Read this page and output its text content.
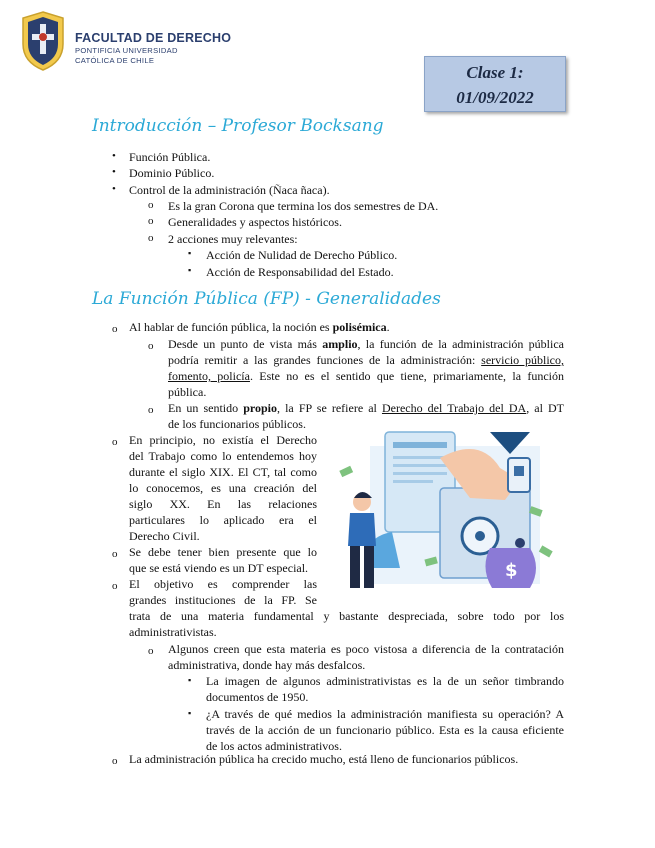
FACULTAD DE DERECHO
PONTIFICIA UNIVERSIDAD
CATÓLICA DE CHILE
Clase 1:
01/09/2022
Introducción – Profesor Bocksang
• Función Pública.
• Dominio Público.
• Control de la administración (Ñaca ñaca).
o Es la gran Corona que termina los dos semestres de DA.
o Generalidades y aspectos históricos.
o 2 acciones muy relevantes:
▪ Acción de Nulidad de Derecho Público.
▪ Acción de Responsabilidad del Estado.
La Función Pública (FP) - Generalidades
o Al hablar de función pública, la noción es polisémica.
o Desde un punto de vista más amplio, la función de la administración pública
podría remitir a las grandes funciones de la administración: servicio público,
fomento, policía. Este no es el sentido que tiene, primariamente, la función
pública.
o En un sentido propio, la FP se refiere al Derecho del Trabajo del DA, al DT
de los funcionarios públicos.
o En principio, no existía el Derecho
del Trabajo como lo entendemos hoy
durante el siglo XIX. El CT, tal como
lo conocemos, es una creación del
siglo XX. En las relaciones
particulares lo aplicado era el
Derecho Civil.
o Se debe tener bien presente que lo
que se está viendo es un DT especial.
o El objetivo es comprender las
grandes instituciones de la FP. Se
trata de una materia fundamental y bastante despreciada, sobre todo por los
administrativistas.
$
o Algunos creen que esta materia es poco vistosa a diferencia de la contratación
administrativa, donde hay más desfalcos.
▪ La imagen de algunos administrativistas es la de un señor timbrando
documentos de 1950.
▪ ¿A través de qué medios la administración manifiesta su operación? A
través de la acción de un funcionario público. Esta es la causa eficiente
de los actos administrativos.
o La administración pública ha crecido mucho, está lleno de funcionarios públicos.
